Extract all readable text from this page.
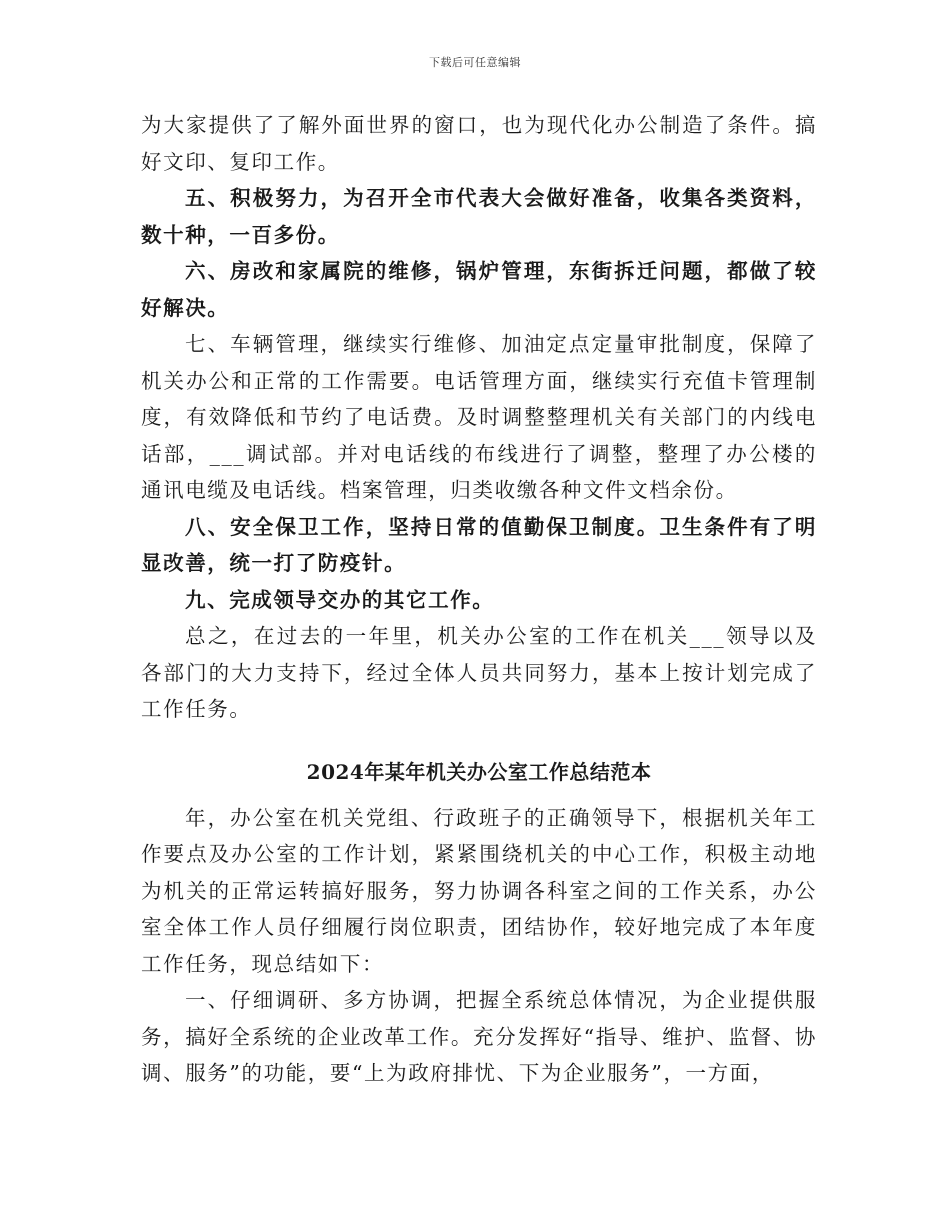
下载后可任意编辑

为大家提供了了解外面世界的窗口，也为现代化办公制造了条件。搞好文印、复印工作。

五、积极努力，为召开全市代表大会做好准备，收集各类资料，数十种，一百多份。

六、房改和家属院的维修，锅炉管理，东街拆迁问题，都做了较好解决。

七、车辆管理，继续实行维修、加油定点定量审批制度，保障了机关办公和正常的工作需要。电话管理方面，继续实行充值卡管理制度，有效降低和节约了电话费。及时调整整理机关有关部门的内线电话部，___调试部。并对电话线的布线进行了调整，整理了办公楼的通讯电缆及电话线。档案管理，归类收缴各种文件文档余份。

八、安全保卫工作，坚持日常的值勤保卫制度。卫生条件有了明显改善，统一打了防疫针。

九、完成领导交办的其它工作。

总之，在过去的一年里，机关办公室的工作在机关___领导以及各部门的大力支持下，经过全体人员共同努力，基本上按计划完成了工作任务。

2024年某年机关办公室工作总结范本

年，办公室在机关党组、行政班子的正确领导下，根据机关年工作要点及办公室的工作计划，紧紧围绕机关的中心工作，积极主动地为机关的正常运转搞好服务，努力协调各科室之间的工作关系，办公室全体工作人员仔细履行岗位职责，团结协作，较好地完成了本年度工作任务，现总结如下：

一、仔细调研、多方协调，把握全系统总体情况，为企业提供服务，搞好全系统的企业改革工作。充分发挥好“指导、维护、监督、协调、服务”的功能，要“上为政府排忧、下为企业服务”，一方面，
